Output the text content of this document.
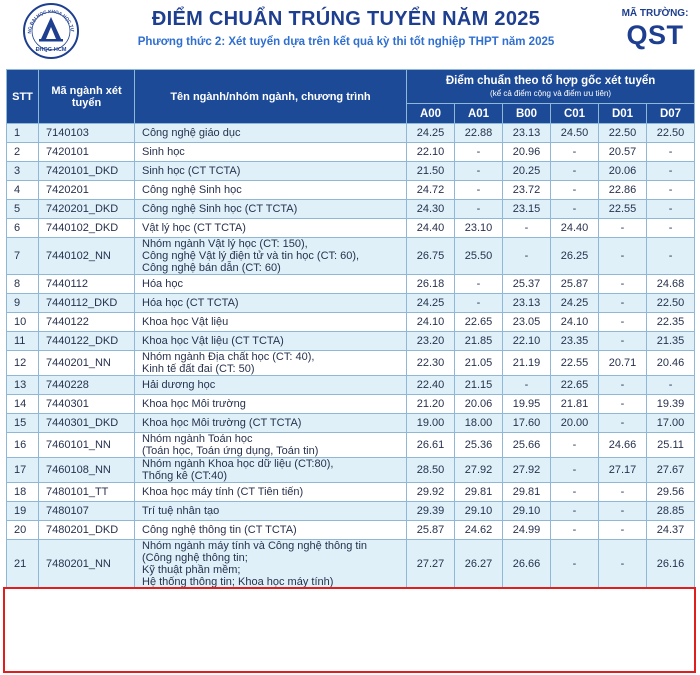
NG ĐẠI HỌC KHOA HỌC TỰ
ĐHQG-HCM
ĐIỂM CHUẨN TRÚNG TUYỂN NĂM 2025
Phương thức 2: Xét tuyển dựa trên kết quả kỳ thi tốt nghiệp THPT năm 2025
MÃ TRƯỜNG:
QST
STT	Mã ngành xét tuyển	Tên ngành/nhóm ngành, chương trình	Điểm chuẩn theo tổ hợp gốc xét tuyển
(kể cả điểm cộng và điểm ưu tiên)					

			A00	A01	B00	C01	D01	D07
1	7140103	Công nghệ giáo dục	24.25	22.88	23.13	24.50	22.50	22.50
2	7420101	Sinh học	22.10	-	20.96	-	20.57	-
3	7420101_DKD	Sinh học (CT TCTA)	21.50	-	20.25	-	20.06	-
4	7420201	Công nghệ Sinh học	24.72	-	23.72	-	22.86	-
5	7420201_DKD	Công nghệ Sinh học (CT TCTA)	24.30	-	23.15	-	22.55	-
6	7440102_DKD	Vật lý học (CT TCTA)	24.40	23.10	-	24.40	-	-
7	7440102_NN	Nhóm ngành Vật lý học (CT: 150),
Công nghệ Vật lý điện tử và tin học (CT: 60),
Công nghệ bán dẫn (CT: 60)	26.75	25.50	-	26.25	-	-
8	7440112	Hóa học	26.18	-	25.37	25.87	-	24.68
9	7440112_DKD	Hóa học (CT TCTA)	24.25	-	23.13	24.25	-	22.50
10	7440122	Khoa học Vật liệu	24.10	22.65	23.05	24.10	-	22.35
11	7440122_DKD	Khoa học Vật liệu (CT TCTA)	23.20	21.85	22.10	23.35	-	21.35
12	7440201_NN	Nhóm ngành Địa chất học (CT: 40),
Kinh tế đất đai (CT: 50)	22.30	21.05	21.19	22.55	20.71	20.46
13	7440228	Hải dương học	22.40	21.15	-	22.65	-	-
14	7440301	Khoa học Môi trường	21.20	20.06	19.95	21.81	-	19.39
15	7440301_DKD	Khoa học Môi trường (CT TCTA)	19.00	18.00	17.60	20.00	-	17.00
16	7460101_NN	Nhóm ngành Toán học
(Toán học, Toán ứng dụng, Toán tin)	26.61	25.36	25.66	-	24.66	25.11
17	7460108_NN	Nhóm ngành Khoa học dữ liệu (CT:80),
Thống kê (CT:40)	28.50	27.92	27.92	-	27.17	27.67
18	7480101_TT	Khoa học máy tính (CT Tiên tiến)	29.92	29.81	29.81	-	-	29.56
19	7480107	Trí tuệ nhân tạo	29.39	29.10	29.10	-	-	28.85
20	7480201_DKD	Công nghệ thông tin (CT TCTA)	25.87	24.62	24.99	-	-	24.37
21	7480201_NN	Nhóm ngành máy tính và Công nghệ thông tin
(Công nghệ thông tin;
Kỹ thuật phần mềm;
Hệ thống thông tin; Khoa học máy tính)	27.27	26.27	26.66	-	-	26.16
